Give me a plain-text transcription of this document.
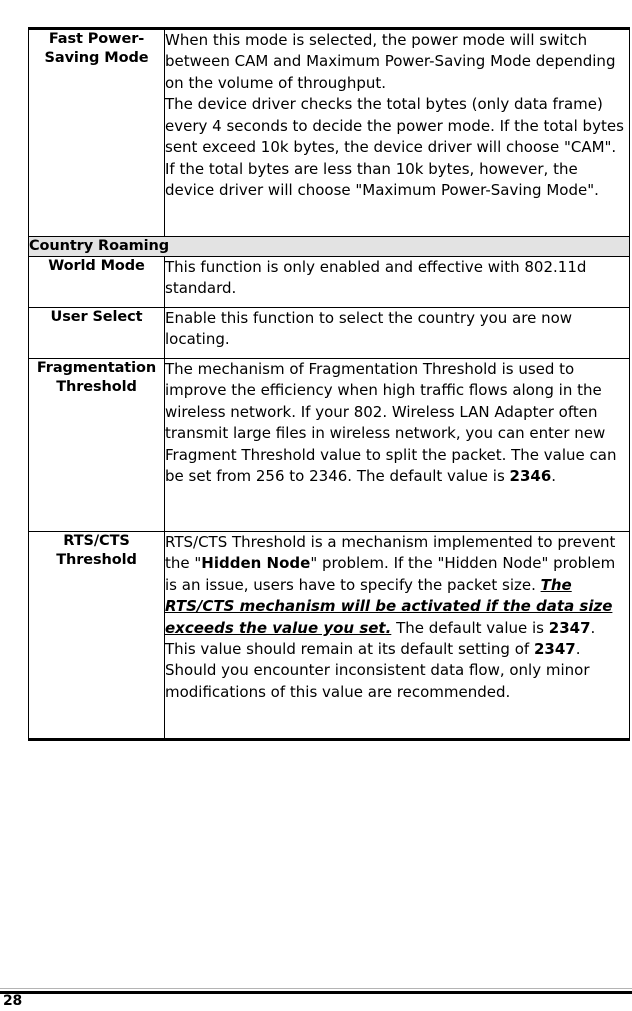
Fast Power-Saving Mode	When this mode is selected, the power mode will switch between CAM and Maximum Power-Saving Mode depending on the volume of throughput.

The device driver checks the total bytes (only data frame) every 4 seconds to decide the power mode. If the total bytes sent exceed 10k bytes, the device driver will choose "CAM". If the total bytes are less than 10k bytes, however, the device driver will choose "Maximum Power-Saving Mode".

Country Roaming	
World Mode	This function is only enabled and effective with 802.11d standard.

User Select	Enable this function to select the country you are now locating.

Fragmentation Threshold	The mechanism of Fragmentation Threshold is used to improve the efficiency when high traffic flows along in the wireless network. If your 802. Wireless LAN Adapter often transmit large files in wireless network, you can enter new Fragment Threshold value to split the packet. The value can be set from 256 to 2346. The default value is 2346.

RTS/CTS Threshold	RTS/CTS Threshold is a mechanism implemented to prevent the "Hidden Node" problem. If the "Hidden Node" problem is an issue, users have to specify the packet size. The RTS/CTS mechanism will be activated if the data size exceeds the value you set. The default value is 2347. This value should remain at its default setting of 2347. Should you encounter inconsistent data flow, only minor modifications of this value are recommended.

28
